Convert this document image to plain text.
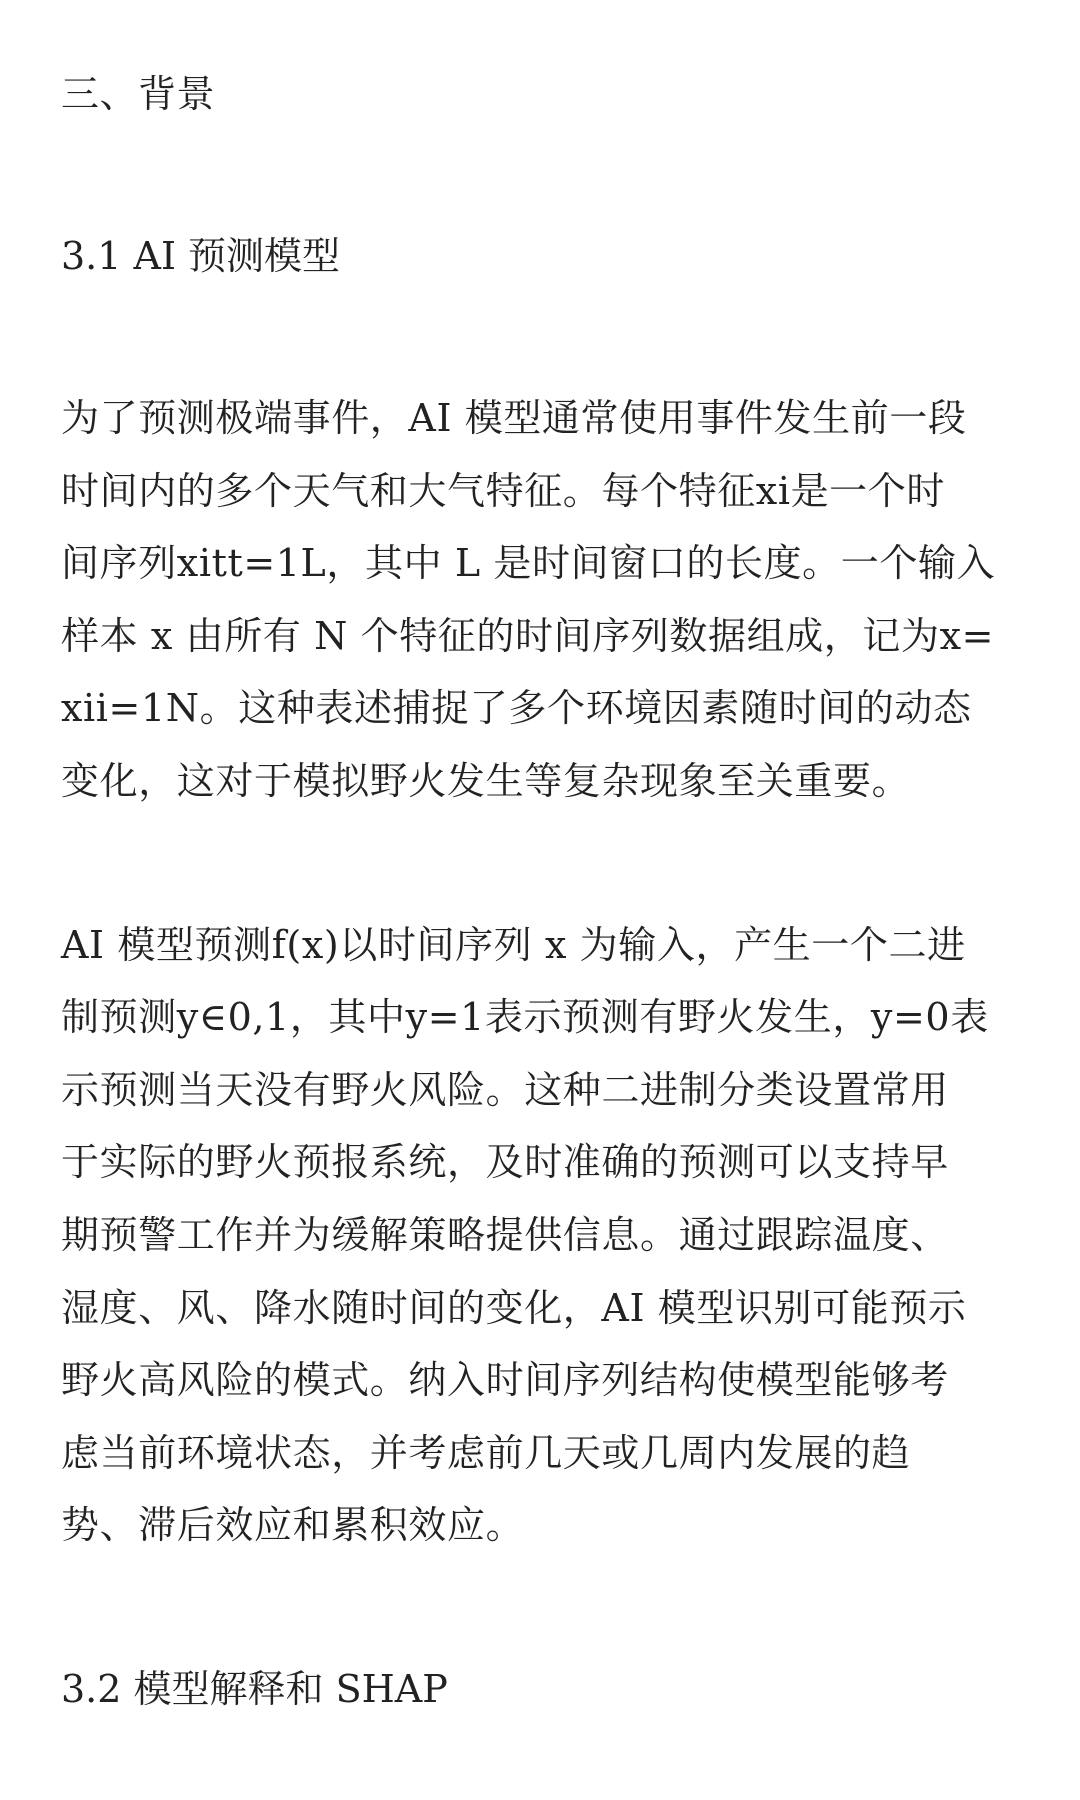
三、背景
3.1 AI 预测模型

为了预测极端事件，AI 模型通常使用事件发生前一段
时间内的多个天气和大气特征。每个特征xi是一个时
间序列xitt=1L，其中 L 是时间窗口的长度。一个输入
样本 x 由所有 N 个特征的时间序列数据组成，记为x=
xii=1N。这种表述捕捉了多个环境因素随时间的动态
变化，这对于模拟野火发生等复杂现象至关重要。

AI 模型预测f(x)以时间序列 x 为输入，产生一个二进
制预测y∈0,1，其中y=1表示预测有野火发生，y=0表
示预测当天没有野火风险。这种二进制分类设置常用
于实际的野火预报系统，及时准确的预测可以支持早
期预警工作并为缓解策略提供信息。通过跟踪温度、
湿度、风、降水随时间的变化，AI 模型识别可能预示
野火高风险的模式。纳入时间序列结构使模型能够考
虑当前环境状态，并考虑前几天或几周内发展的趋
势、滞后效应和累积效应。

3.2 模型解释和 SHAP
